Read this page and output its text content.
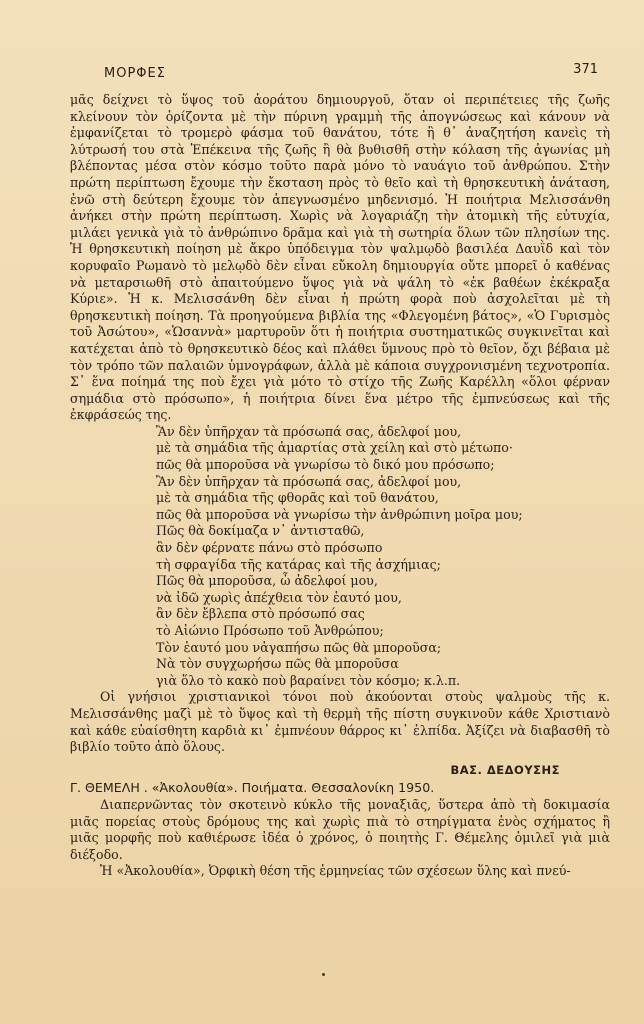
ΜΟΡΦΕΣ	371

μᾶς δείχνει τὸ ὕψος τοῦ ἀοράτου δημιουργοῦ, ὅταν οἱ περιπέτειες τῆς ζωῆς κλείνουν τὸν ὁρίζοντα μὲ τὴν πύρινη γραμμὴ τῆς ἀπογνώσεως καὶ κάνουν νὰ ἐμφανίζεται τὸ τρομερὸ φάσμα τοῦ θανάτου, τότε ἢ θ᾽ ἀναζητήση κανεὶς τὴ λύτρωσή του στὰ Ἐπέκεινα τῆς ζωῆς ἢ θὰ βυθισθῆ στὴν κόλαση τῆς ἀγωνίας μὴ βλέποντας μέσα στὸν κόσμο τοῦτο παρὰ μόνο τὸ ναυάγιο τοῦ ἀνθρώπου. Στὴν πρώτη περίπτωση ἔχουμε τὴν ἔκσταση πρὸς τὸ θεῖο καὶ τὴ θρησκευτικὴ ἀνάταση, ἐνῶ στὴ δεύτερη ἔχουμε τὸν ἀπεγνωσμένο μηδενισμό. Ἡ ποιήτρια Μελισσάνθη ἀνήκει στὴν πρώτη περίπτωση. Χωρὶς νὰ λογαριάζη τὴν ἀτομικὴ τῆς εὐτυχία, μιλάει γενικὰ γιὰ τὸ ἀνθρώπινο δρᾶμα καὶ γιὰ τὴ σωτηρία ὅλων τῶν πλησίων της. Ἡ θρησκευτικὴ ποίηση μὲ ἄκρο ὑπόδειγμα τὸν ψαλμῳδὸ βασιλέα Δαυῒδ καὶ τὸν κορυφαῖο Ρωμανὸ τὸ μελῳδὸ δὲν εἶναι εὔκολη δημιουργία οὔτε μπορεῖ ὁ καθένας νὰ μεταρσιωθῆ στὸ ἀπαιτούμενο ὕψος γιὰ νὰ ψάλη τὸ «ἐκ βαθέων ἐκέκραξα Κύριε». Ἡ κ. Μελισσάνθη δὲν εἶναι ἡ πρώτη φορὰ ποὺ ἀσχολεῖται μὲ τὴ θρησκευτικὴ ποίηση. Τὰ προηγούμενα βιβλία της «Φλεγομένη βάτος», «Ὁ Γυρισμὸς τοῦ Ἀσώτου», «Ὡσαννὰ» μαρτυροῦν ὅτι ἡ ποιήτρια συστηματικῶς συγκινεῖται καὶ κατέχεται ἀπὸ τὸ θρησκευτικὸ δέος καὶ πλάθει ὕμνους πρὸ τὸ θεῖον, ὄχι βέβαια μὲ τὸν τρόπο τῶν παλαιῶν ὑμνογράφων, ἀλλὰ μὲ κάποια συγχρονισμένη τεχνοτροπία. Σ᾽ ἕνα ποίημά της ποὺ ἔχει γιὰ μότο τὸ στίχο τῆς Ζωῆς Καρέλλη «ὅλοι φέρναν σημάδια στὸ πρόσωπο», ἡ ποιήτρια δίνει ἕνα μέτρο τῆς ἐμπνεύσεως καὶ τῆς ἐκφράσεώς της.

Ἂν δὲν ὑπῆρχαν τὰ πρόσωπά σας, ἀδελφοί μου,
μὲ τὰ σημάδια τῆς ἁμαρτίας στὰ χείλη καὶ στὸ μέτωπο·
πῶς θὰ μποροῦσα νὰ γνωρίσω τὸ δικό μου πρόσωπο;
Ἂν δὲν ὑπῆρχαν τὰ πρόσωπά σας, ἀδελφοί μου,
μὲ τὰ σημάδια τῆς φθορᾶς καὶ τοῦ θανάτου,
πῶς θὰ μποροῦσα νὰ γνωρίσω τὴν ἀνθρώπινη μοῖρα μου;
Πῶς θὰ δοκίμαζα ν᾽ ἀντισταθῶ,
ἂν δὲν φέρνατε πάνω στὸ πρόσωπο
τὴ σφραγίδα τῆς κατάρας καὶ τῆς ἀσχήμιας;
Πῶς θὰ μποροῦσα, ὦ ἀδελφοί μου,
νὰ ἰδῶ χωρὶς ἀπέχθεια τὸν ἑαυτό μου,
ἂν δὲν ἔβλεπα στὸ πρόσωπό σας
τὸ Αἰώνιο Πρόσωπο τοῦ Ἀνθρώπου;
Τὸν ἑαυτό μου νἀγαπήσω πῶς θὰ μποροῦσα;
Νὰ τὸν συγχωρήσω πῶς θὰ μποροῦσα
γιὰ ὅλο τὸ κακὸ ποὺ βαραίνει τὸν κόσμο; κ.λ.π.

Οἱ γνήσιοι χριστιανικοὶ τόνοι ποὺ ἀκούονται στοὺς ψαλμοὺς τῆς κ. Μελισσάνθης μαζὶ μὲ τὸ ὕψος καὶ τὴ θερμὴ τῆς πίστη συγκινοῦν κάθε Χριστιανὸ καὶ κάθε εὐαίσθητη καρδιὰ κι᾽ ἐμπνέουν θάρρος κι᾽ ἐλπίδα. Ἀξίζει νὰ διαβασθῆ τὸ βιβλίο τοῦτο ἀπὸ ὅλους.

ΒΑΣ. ΔΕΔΟΥΣΗΣ

Γ. ΘΕΜΕΛΗ . «Ἀκολουθία». Ποιήματα. Θεσσαλονίκη 1950.

Διαπερνῶντας τὸν σκοτεινὸ κύκλο τῆς μοναξιᾶς, ὕστερα ἀπὸ τὴ δοκιμασία μιᾶς πορείας στοὺς δρόμους της καὶ χωρὶς πιὰ τὸ στηρίγματα ἑνὸς σχήματος ἢ μιᾶς μορφῆς ποὺ καθιέρωσε ἰδέα ὁ χρόνος, ὁ ποιητὴς Γ. Θέμελης ὁμιλεῖ γιὰ μιὰ διέξοδο.

Ἡ «Ἀκολουθία», Ὀρφικὴ θέση τῆς ἑρμηνείας τῶν σχέσεων ὕλης καὶ πνεύ-
